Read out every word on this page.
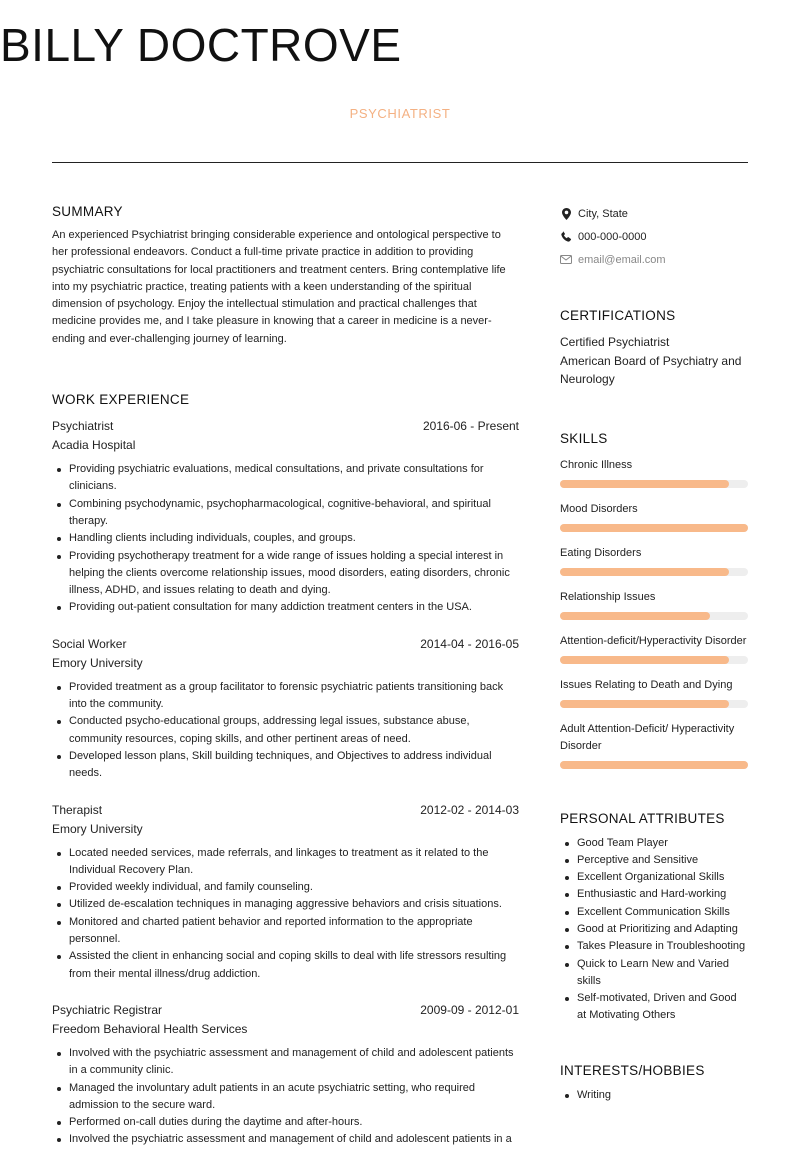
BILLY DOCTROVE
PSYCHIATRIST
SUMMARY
An experienced Psychiatrist bringing considerable experience and ontological perspective to her professional endeavors. Conduct a full-time private practice in addition to providing psychiatric consultations for local practitioners and treatment centers. Bring contemplative life into my psychiatric practice, treating patients with a keen understanding of the spiritual dimension of psychology. Enjoy the intellectual stimulation and practical challenges that medicine provides me, and I take pleasure in knowing that a career in medicine is a never-ending and ever-challenging journey of learning.
WORK EXPERIENCE
Psychiatrist	2016-06 - Present
Acadia Hospital
Providing psychiatric evaluations, medical consultations, and private consultations for clinicians.
Combining psychodynamic, psychopharmacological, cognitive-behavioral, and spiritual therapy.
Handling clients including individuals, couples, and groups.
Providing psychotherapy treatment for a wide range of issues holding a special interest in helping the clients overcome relationship issues, mood disorders, eating disorders, chronic illness, ADHD, and issues relating to death and dying.
Providing out-patient consultation for many addiction treatment centers in the USA.
Social Worker	2014-04 - 2016-05
Emory University
Provided treatment as a group facilitator to forensic psychiatric patients transitioning back into the community.
Conducted psycho-educational groups, addressing legal issues, substance abuse, community resources, coping skills, and other pertinent areas of need.
Developed lesson plans, Skill building techniques, and Objectives to address individual needs.
Therapist	2012-02 - 2014-03
Emory University
Located needed services, made referrals, and linkages to treatment as it related to the Individual Recovery Plan.
Provided weekly individual, and family counseling.
Utilized de-escalation techniques in managing aggressive behaviors and crisis situations.
Monitored and charted patient behavior and reported information to the appropriate personnel.
Assisted the client in enhancing social and coping skills to deal with life stressors resulting from their mental illness/drug addiction.
Psychiatric Registrar	2009-09 - 2012-01
Freedom Behavioral Health Services
Involved with the psychiatric assessment and management of child and adolescent patients in a community clinic.
Managed the involuntary adult patients in an acute psychiatric setting, who required admission to the secure ward.
Performed on-call duties during the daytime and after-hours.
Involved the psychiatric assessment and management of child and adolescent patients in a
City, State
000-000-0000
email@email.com
CERTIFICATIONS
Certified Psychiatrist
American Board of Psychiatry and Neurology
SKILLS
Chronic Illness
Mood Disorders
Eating Disorders
Relationship Issues
Attention-deficit/Hyperactivity Disorder
Issues Relating to Death and Dying
Adult Attention-Deficit/ Hyperactivity Disorder
PERSONAL ATTRIBUTES
Good Team Player
Perceptive and Sensitive
Excellent Organizational Skills
Enthusiastic and Hard-working
Excellent Communication Skills
Good at Prioritizing and Adapting
Takes Pleasure in Troubleshooting
Quick to Learn New and Varied skills
Self-motivated, Driven and Good at Motivating Others
INTERESTS/HOBBIES
Writing
